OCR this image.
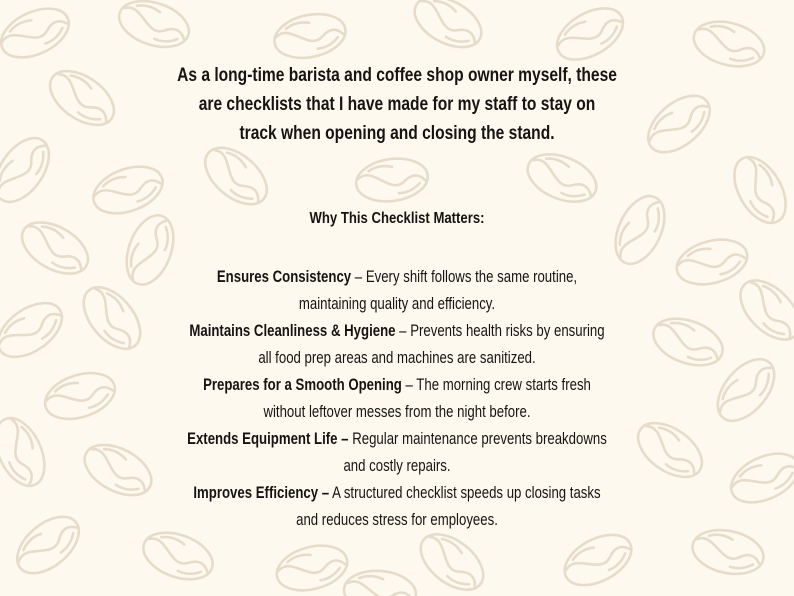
As a long-time barista and coffee shop owner myself, these
are checklists that I have made for my staff to stay on
track when opening and closing the stand.

Why This Checklist Matters:
Ensures Consistency – Every shift follows the same routine,
maintaining quality and efficiency.
Maintains Cleanliness & Hygiene – Prevents health risks by ensuring
all food prep areas and machines are sanitized.
Prepares for a Smooth Opening – The morning crew starts fresh
without leftover messes from the night before.
Extends Equipment Life – Regular maintenance prevents breakdowns
and costly repairs.
Improves Efficiency – A structured checklist speeds up closing tasks
and reduces stress for employees.
